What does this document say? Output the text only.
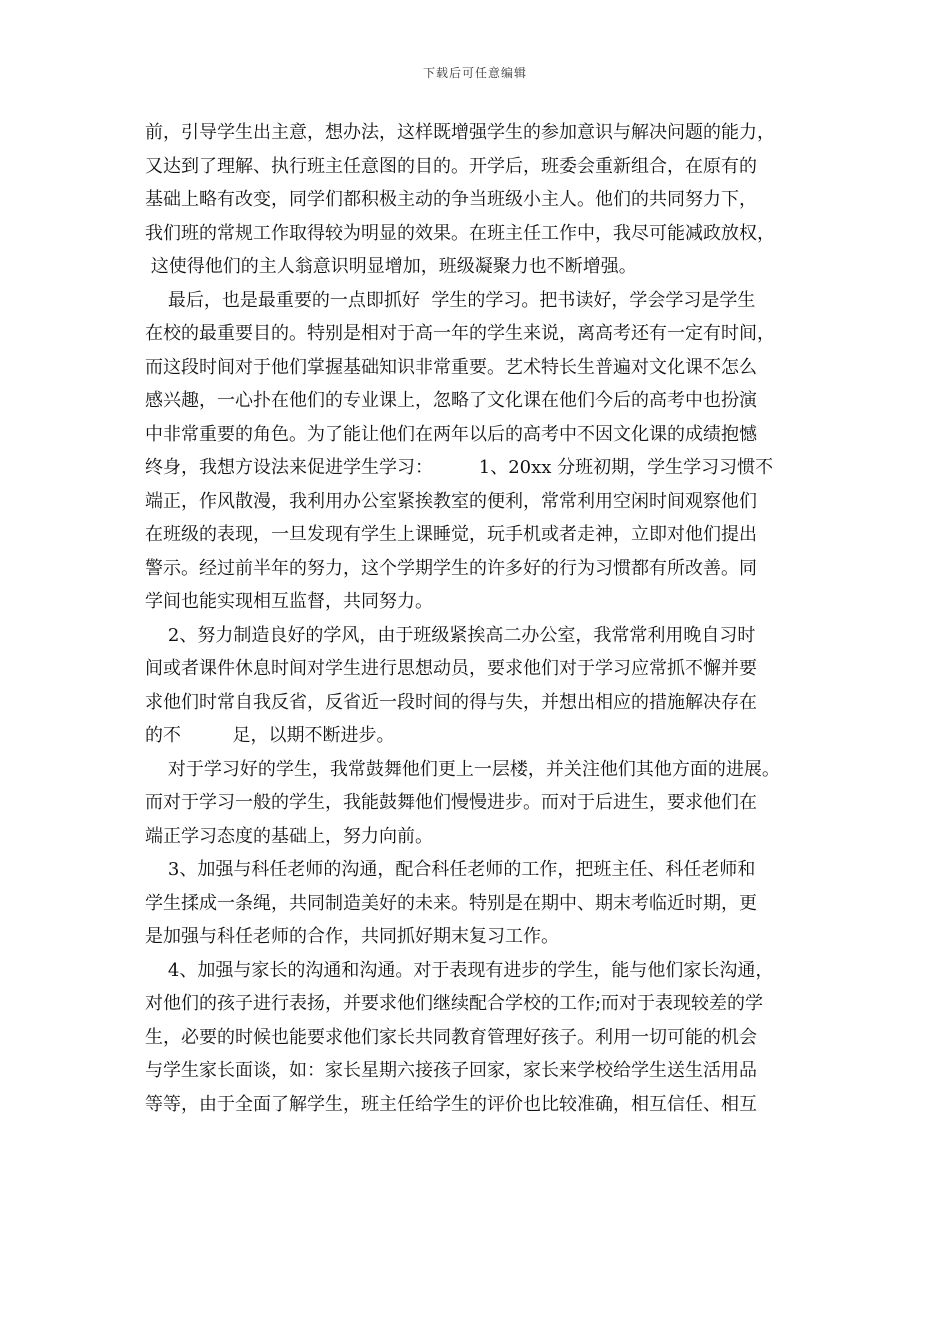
下载后可任意编辑
前，引导学生出主意，想办法，这样既增强学生的参加意识与解决问题的能力，
又达到了理解、执行班主任意图的目的。开学后，班委会重新组合，在原有的
基础上略有改变，同学们都积极主动的争当班级小主人。他们的共同努力下，
我们班的常规工作取得较为明显的效果。在班主任工作中，我尽可能减政放权，
这使得他们的主人翁意识明显增加，班级凝聚力也不断增强。
最后，也是最重要的一点即抓好  学生的学习。把书读好，学会学习是学生
在校的最重要目的。特别是相对于高一年的学生来说，离高考还有一定有时间，
而这段时间对于他们掌握基础知识非常重要。艺术特长生普遍对文化课不怎么
感兴趣，一心扑在他们的专业课上，忽略了文化课在他们今后的高考中也扮演
中非常重要的角色。为了能让他们在两年以后的高考中不因文化课的成绩抱憾
终身，我想方设法来促进学生学习：        1、20xx 分班初期，学生学习习惯不
端正，作风散漫，我利用办公室紧挨教室的便利，常常利用空闲时间观察他们
在班级的表现，一旦发现有学生上课睡觉，玩手机或者走神，立即对他们提出
警示。经过前半年的努力，这个学期学生的许多好的行为习惯都有所改善。同
学间也能实现相互监督，共同努力。
2、努力制造良好的学风，由于班级紧挨高二办公室，我常常利用晚自习时
间或者课件休息时间对学生进行思想动员，要求他们对于学习应常抓不懈并要
求他们时常自我反省，反省近一段时间的得与失，并想出相应的措施解决存在
的不         足，以期不断进步。
对于学习好的学生，我常鼓舞他们更上一层楼，并关注他们其他方面的进展。
而对于学习一般的学生，我能鼓舞他们慢慢进步。而对于后进生，要求他们在
端正学习态度的基础上，努力向前。
3、加强与科任老师的沟通，配合科任老师的工作，把班主任、科任老师和
学生揉成一条绳，共同制造美好的未来。特别是在期中、期末考临近时期，更
是加强与科任老师的合作，共同抓好期末复习工作。
4、加强与家长的沟通和沟通。对于表现有进步的学生，能与他们家长沟通，
对他们的孩子进行表扬，并要求他们继续配合学校的工作;而对于表现较差的学
生，必要的时候也能要求他们家长共同教育管理好孩子。利用一切可能的机会
与学生家长面谈，如：家长星期六接孩子回家，家长来学校给学生送生活用品
等等，由于全面了解学生，班主任给学生的评价也比较准确，相互信任、相互
